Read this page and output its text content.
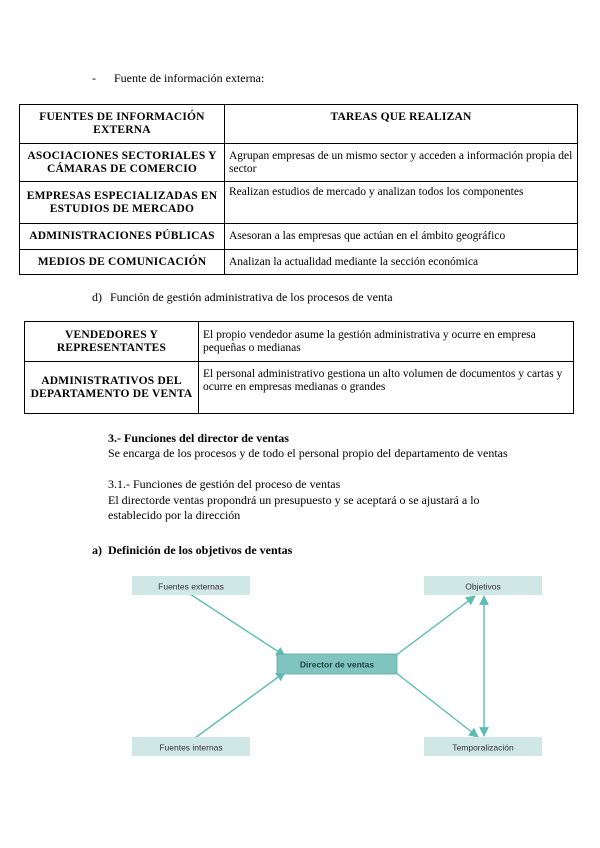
- Fuente de información externa:
FUENTES DE INFORMACIÓN EXTERNA	TAREAS QUE REALIZAN
ASOCIACIONES SECTORIALES Y CÁMARAS DE COMERCIO	Agrupan empresas de un mismo sector y acceden a información propia del sector
EMPRESAS ESPECIALIZADAS EN ESTUDIOS DE MERCADO	Realizan estudios de mercado y analizan todos los componentes
ADMINISTRACIONES PÚBLICAS	Asesoran a las empresas que actúan en el ámbito geográfico
MEDIOS DE COMUNICACIÓN	Analizan la actualidad mediante la sección económica
d) Función de gestión administrativa de los procesos de venta
VENDEDORES Y REPRESENTANTES	El propio vendedor asume la gestión administrativa y ocurre en empresa pequeñas o medianas
ADMINISTRATIVOS DEL DEPARTAMENTO DE VENTA	El personal administrativo gestiona un alto volumen de documentos y cartas y ocurre en empresas medianas o grandes
3.- Funciones del director de ventas
Se encarga de los procesos y de todo el personal propio del departamento de ventas
3.1.- Funciones de gestión del proceso de ventas
El directorde ventas propondrá un presupuesto y se aceptará o se ajustará a lo
establecido por la dirección
a) Definición de los objetivos de ventas
Fuentes externas
Fuentes internas
Director de ventas
Objetivos
Temporalización
